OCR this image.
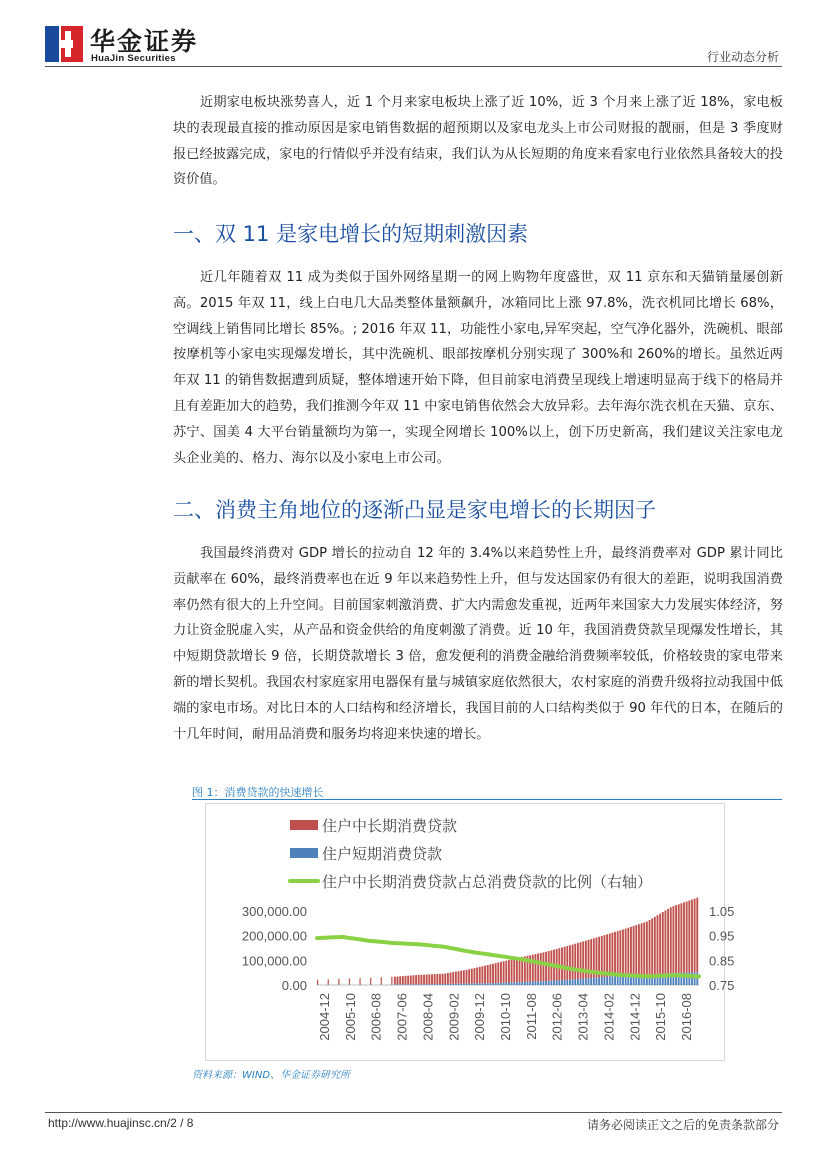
华金证券
HuaJin Securities	行业动态分析

近期家电板块涨势喜人，近 1 个月来家电板块上涨了近 10%，近 3 个月来上涨了近 18%，家电板块的表现最直接的推动原因是家电销售数据的超预期以及家电龙头上市公司财报的靓丽，但是 3 季度财报已经披露完成，家电的行情似乎并没有结束，我们认为从长短期的角度来看家电行业依然具备较大的投资价值。

一、双 11 是家电增长的短期刺激因素

近几年随着双 11 成为类似于国外网络星期一的网上购物年度盛世，双 11 京东和天猫销量屡创新高。2015 年双 11，线上白电几大品类整体量额飙升，冰箱同比上涨 97.8%，洗衣机同比增长 68%，空调线上销售同比增长 85%。; 2016 年双 11，功能性小家电,异军突起，空气净化器外，洗碗机、眼部按摩机等小家电实现爆发增长，其中洗碗机、眼部按摩机分别实现了 300%和 260%的增长。虽然近两年双 11 的销售数据遭到质疑，整体增速开始下降，但目前家电消费呈现线上增速明显高于线下的格局并且有差距加大的趋势，我们推测今年双 11 中家电销售依然会大放异彩。去年海尔洗衣机在天猫、京东、苏宁、国美 4 大平台销量额均为第一，实现全网增长 100%以上，创下历史新高，我们建议关注家电龙头企业美的、格力、海尔以及小家电上市公司。

二、消费主角地位的逐渐凸显是家电增长的长期因子

我国最终消费对 GDP 增长的拉动自 12 年的 3.4%以来趋势性上升，最终消费率对 GDP 累计同比贡献率在 60%，最终消费率也在近 9 年以来趋势性上升，但与发达国家仍有很大的差距，说明我国消费率仍然有很大的上升空间。目前国家刺激消费、扩大内需愈发重视，近两年来国家大力发展实体经济，努力让资金脱虚入实，从产品和资金供给的角度刺激了消费。近 10 年，我国消费贷款呈现爆发性增长，其中短期贷款增长 9 倍，长期贷款增长 3 倍，愈发便利的消费金融给消费频率较低，价格较贵的家电带来新的增长契机。我国农村家庭家用电器保有量与城镇家庭依然很大，农村家庭的消费升级将拉动我国中低端的家电市场。对比日本的人口结构和经济增长，我国目前的人口结构类似于 90 年代的日本，在随后的十几年时间，耐用品消费和服务均将迎来快速的增长。

图 1：消费贷款的快速增长
住户中长期消费贷款
住户短期消费贷款
住户中长期消费贷款占总消费贷款的比例（右轴）
0.00
100,000.00
200,000.00
300,000.00
0.75
0.85
0.95
1.05
2004-12 2005-10 2006-08 2007-06 2008-04 2009-02 2009-12 2010-10 2011-08 2012-06 2013-04 2014-02 2014-12 2015-10 2016-08
资料来源：WIND、华金证券研究所
http://www.huajinsc.cn/2 / 8	请务必阅读正文之后的免责条款部分
